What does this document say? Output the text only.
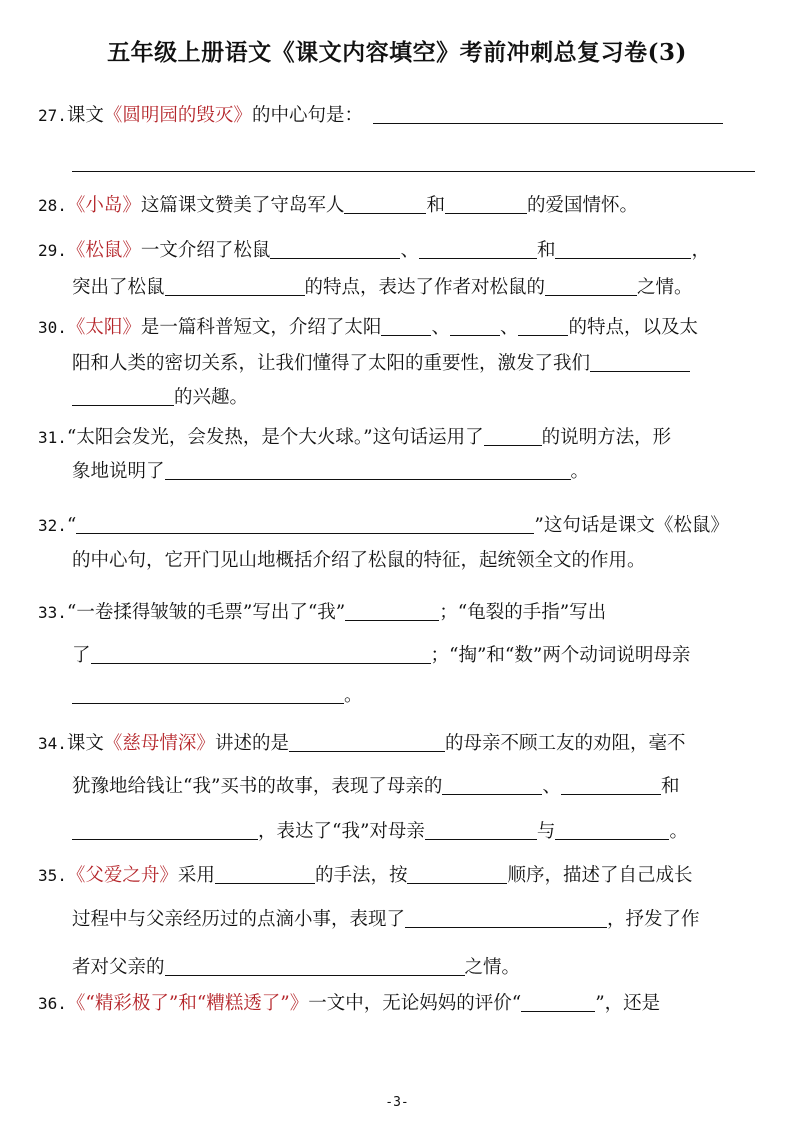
五年级上册语文《课文内容填空》考前冲刺总复习卷(3)
27.课文《圆明园的毁灭》的中心句是：
28.《小岛》这篇课文赞美了守岛军人	和	的爱国情怀。
29.《松鼠》一文介绍了松鼠	、	和	，
突出了松鼠	的特点，表达了作者对松鼠的	之情。
30.《太阳》是一篇科普短文，介绍了太阳	、	、	的特点，以及太
阳和人类的密切关系，让我们懂得了太阳的重要性，激发了我们
的兴趣。
31.“太阳会发光，会发热，是个大火球。”这句话运用了	的说明方法，形
象地说明了	。
32.“	”这句话是课文《松鼠》
的中心句，它开门见山地概括介绍了松鼠的特征，起统领全文的作用。
33.“一卷揉得皱皱的毛票”写出了“我”	；“龟裂的手指”写出
了	；“掏”和“数”两个动词说明母亲
。
34.课文《慈母情深》讲述的是	的母亲不顾工友的劝阻，毫不
犹豫地给钱让“我”买书的故事，表现了母亲的	、	和
，表达了“我”对母亲	与	。
35.《父爱之舟》采用	的手法，按	顺序，描述了自己成长
过程中与父亲经历过的点滴小事，表现了	，抒发了作
者对父亲的	之情。
36.《“精彩极了”和“糟糕透了”》一文中，无论妈妈的评价“	”，还是
-3-
